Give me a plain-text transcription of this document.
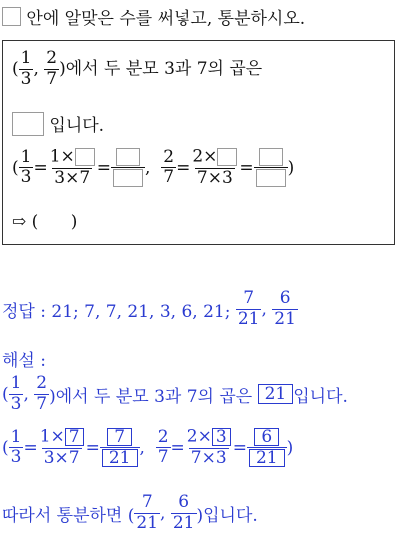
안에 알맞은 수를 써넣고, 통분하시오.
( $\frac{1}{3}$ , $\frac{2}{7}$ )에서 두 분모 3과 7의 곱은
입니다.
( $\frac{1}{3} = \frac{1\times}{3\times 7}$ = , $\frac{2}{7} = \frac{2\times}{7\times 3}$ = )
⇨ (      )
정답 : 21; 7, 7, 21, 3, 6, 21; $\frac{7}{21}$ , $\frac{6}{21}$
해설 :
( $\frac{1}{3}$ , $\frac{2}{7}$ )에서 두 분모 3과 7의 곱은 21 입니다.
( $\frac{1}{3} = \frac{1\times 7}{3\times 7} = \frac{7}{21}$ , $\frac{2}{7} = \frac{2\times 3}{7\times 3} = \frac{6}{21}$ )
따라서 통분하면 ( $\frac{7}{21}$ , $\frac{6}{21}$ )입니다.
